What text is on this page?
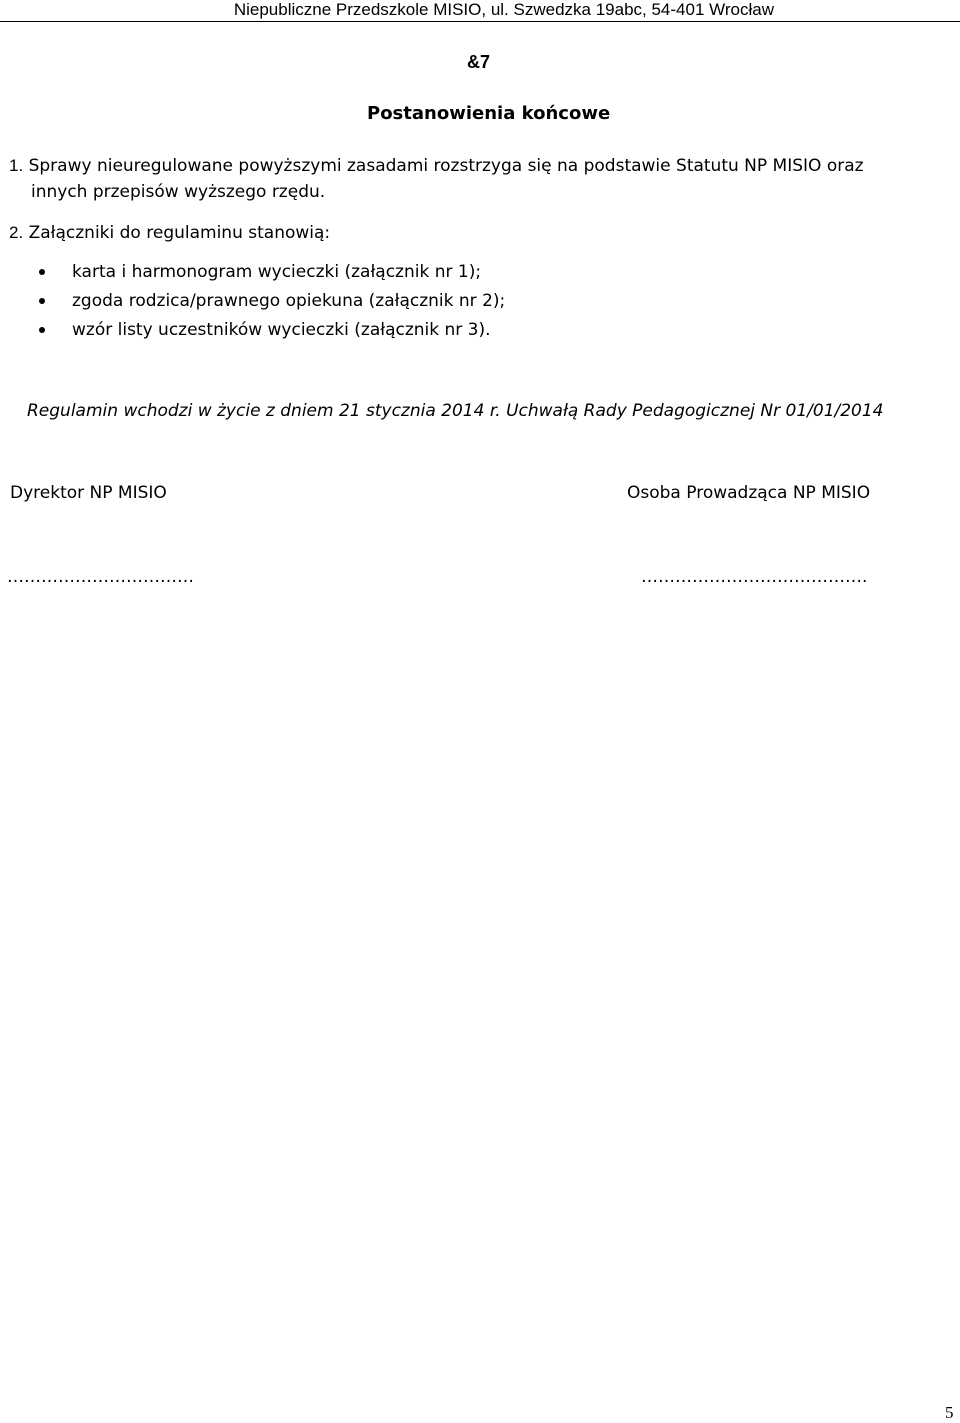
Niepubliczne Przedszkole MISIO, ul. Szwedzka 19abc, 54-401 Wrocław
&7
Postanowienia końcowe
1. Sprawy nieuregulowane powyższymi zasadami rozstrzyga się na podstawie Statutu NP MISIO oraz
innych przepisów wyższego rzędu.
2. Załączniki do regulaminu stanowią:
karta i harmonogram wycieczki (załącznik nr 1);
zgoda rodzica/prawnego opiekuna (załącznik nr 2);
wzór listy uczestników wycieczki (załącznik nr 3).
Regulamin wchodzi w życie z dniem 21 stycznia 2014 r. Uchwałą Rady Pedagogicznej Nr 01/01/2014
Dyrektor NP MISIO	Osoba Prowadząca NP MISIO
……………………………	………………………………….
5
